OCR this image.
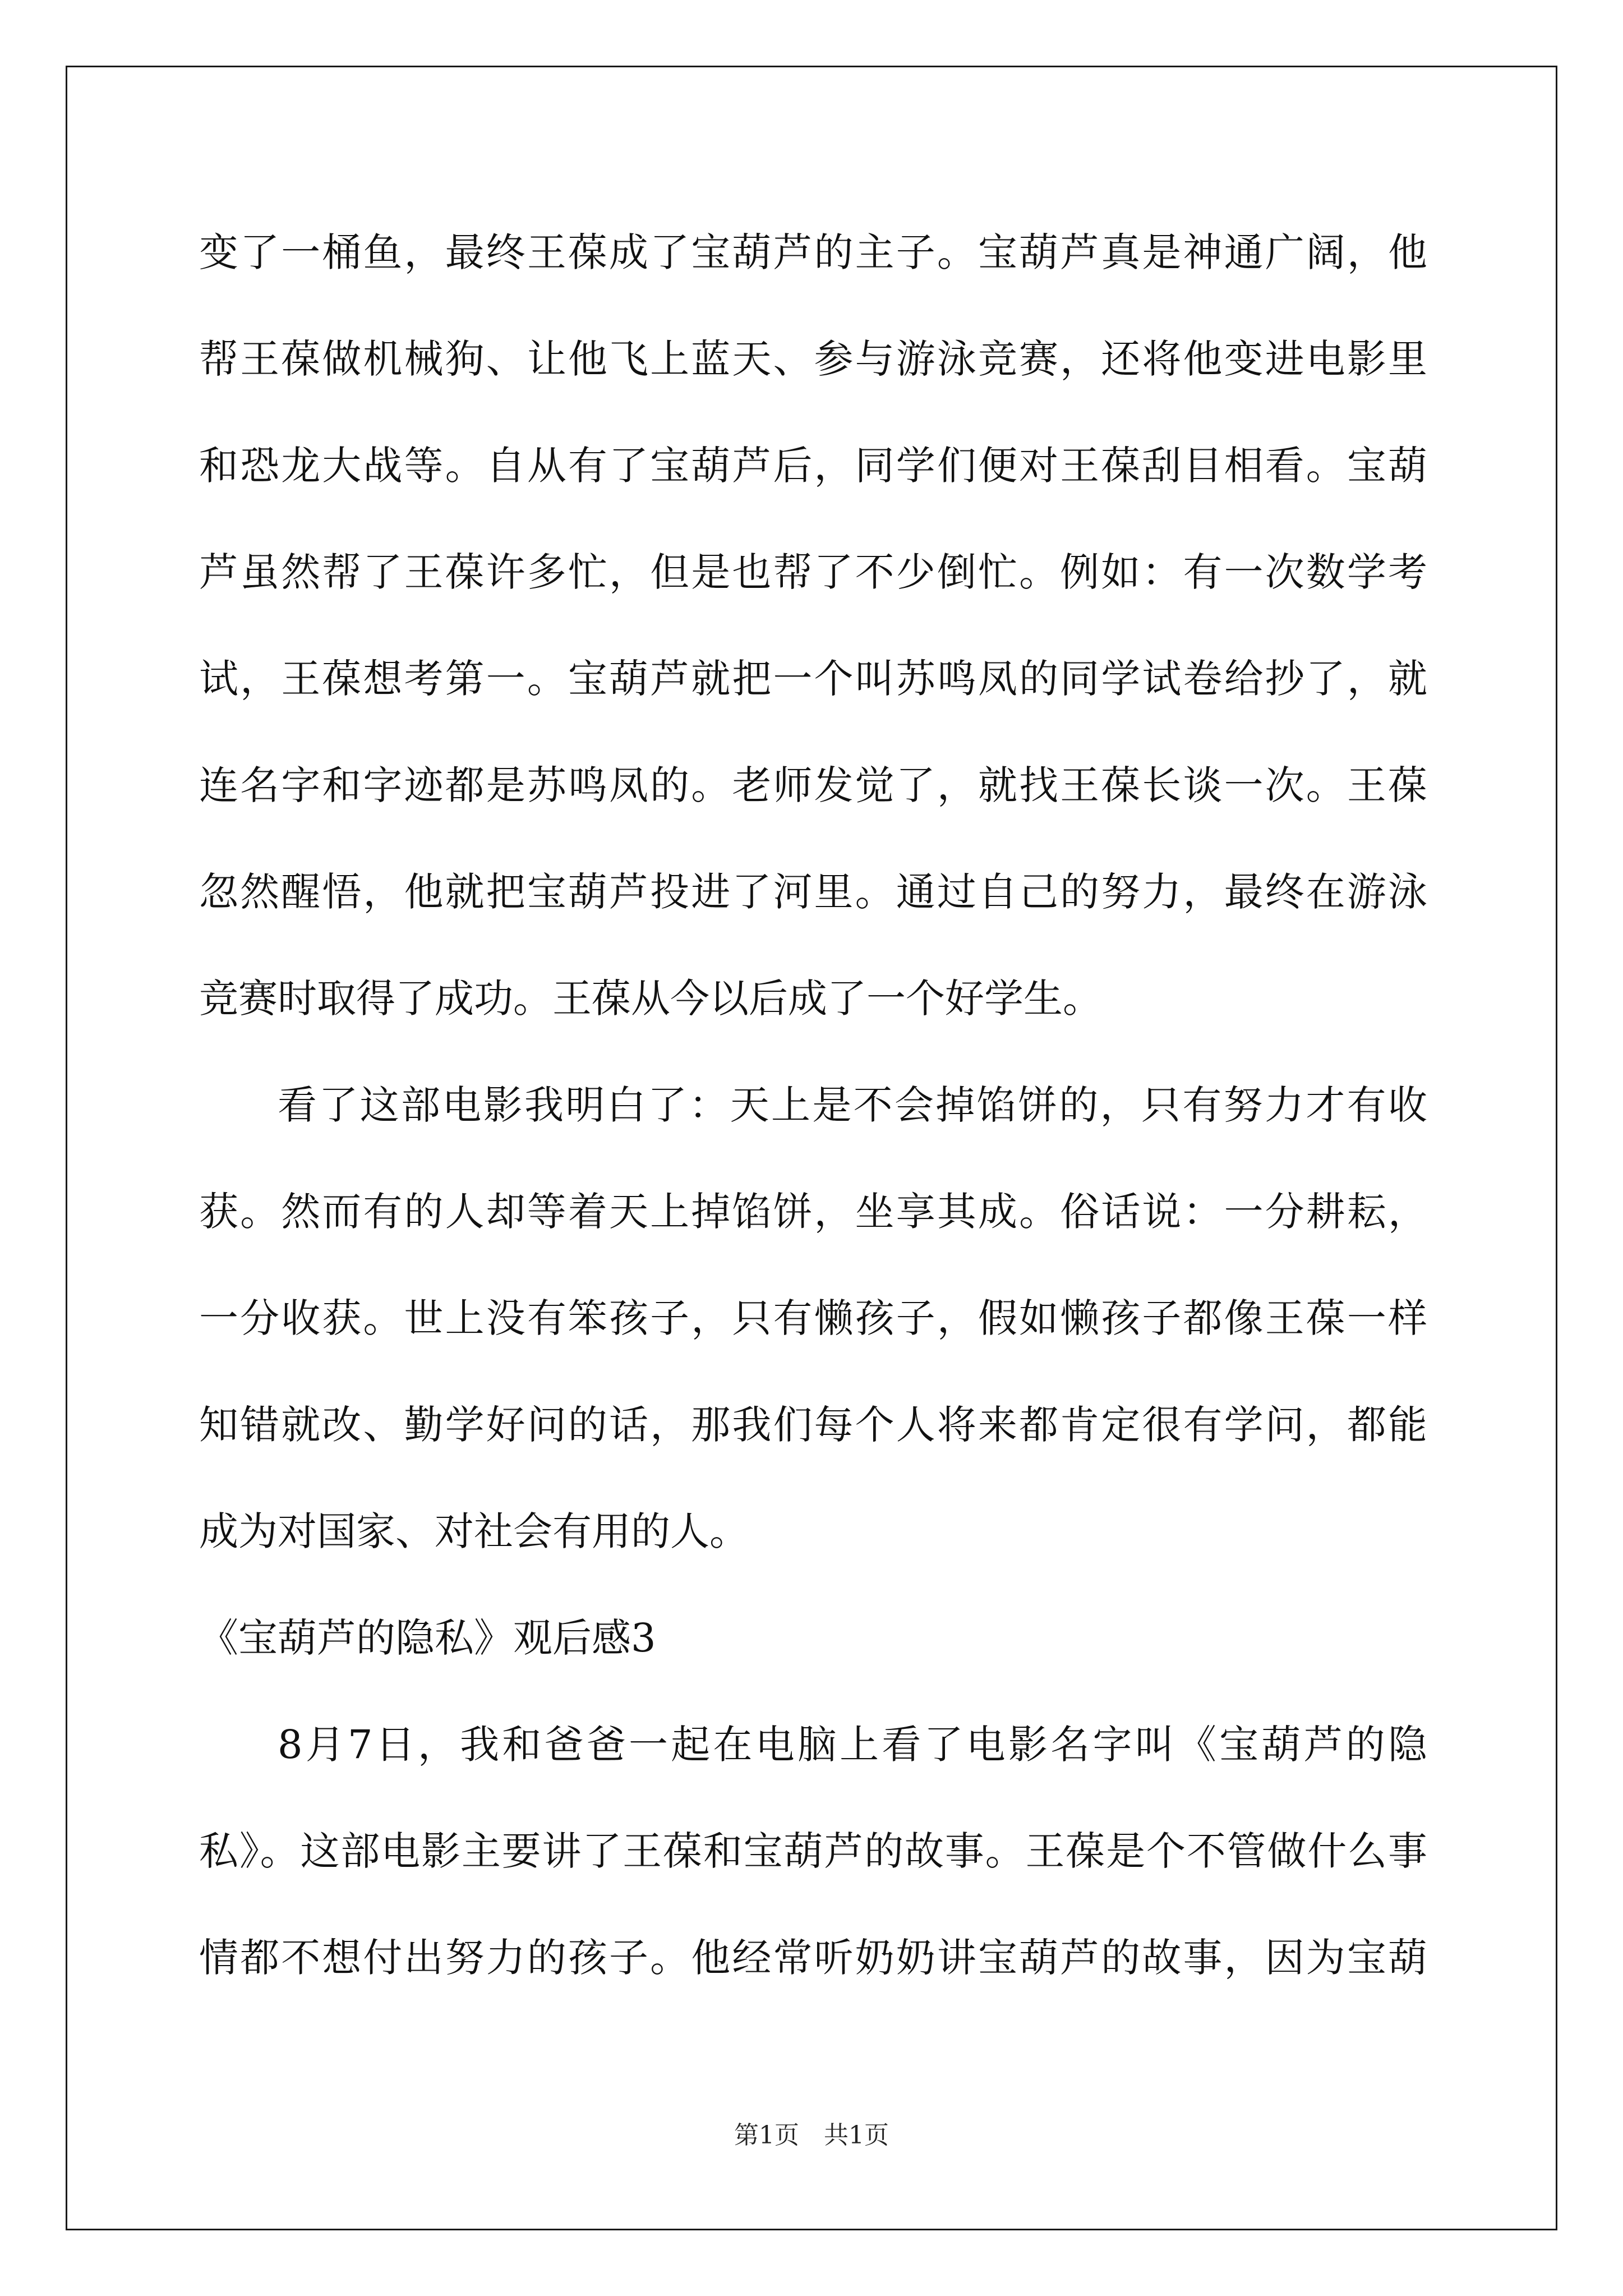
变了一桶鱼，最终王葆成了宝葫芦的主子。宝葫芦真是神通广阔，他
帮王葆做机械狗、让他飞上蓝天、参与游泳竞赛，还将他变进电影里
和恐龙大战等。自从有了宝葫芦后，同学们便对王葆刮目相看。宝葫
芦虽然帮了王葆许多忙，但是也帮了不少倒忙。例如：有一次数学考
试，王葆想考第一。宝葫芦就把一个叫苏鸣凤的同学试卷给抄了，就
连名字和字迹都是苏鸣凤的。老师发觉了，就找王葆长谈一次。王葆
忽然醒悟，他就把宝葫芦投进了河里。通过自己的努力，最终在游泳
竞赛时取得了成功。王葆从今以后成了一个好学生。
看了这部电影我明白了：天上是不会掉馅饼的，只有努力才有收
获。然而有的人却等着天上掉馅饼，坐享其成。俗话说：一分耕耘，
一分收获。世上没有笨孩子，只有懒孩子，假如懒孩子都像王葆一样
知错就改、勤学好问的话，那我们每个人将来都肯定很有学问，都能
成为对国家、对社会有用的人。
《宝葫芦的隐私》观后感3
8月7日，我和爸爸一起在电脑上看了电影名字叫《宝葫芦的隐
私》。这部电影主要讲了王葆和宝葫芦的故事。王葆是个不管做什么事
情都不想付出努力的孩子。他经常听奶奶讲宝葫芦的故事，因为宝葫
第1页　共1页
